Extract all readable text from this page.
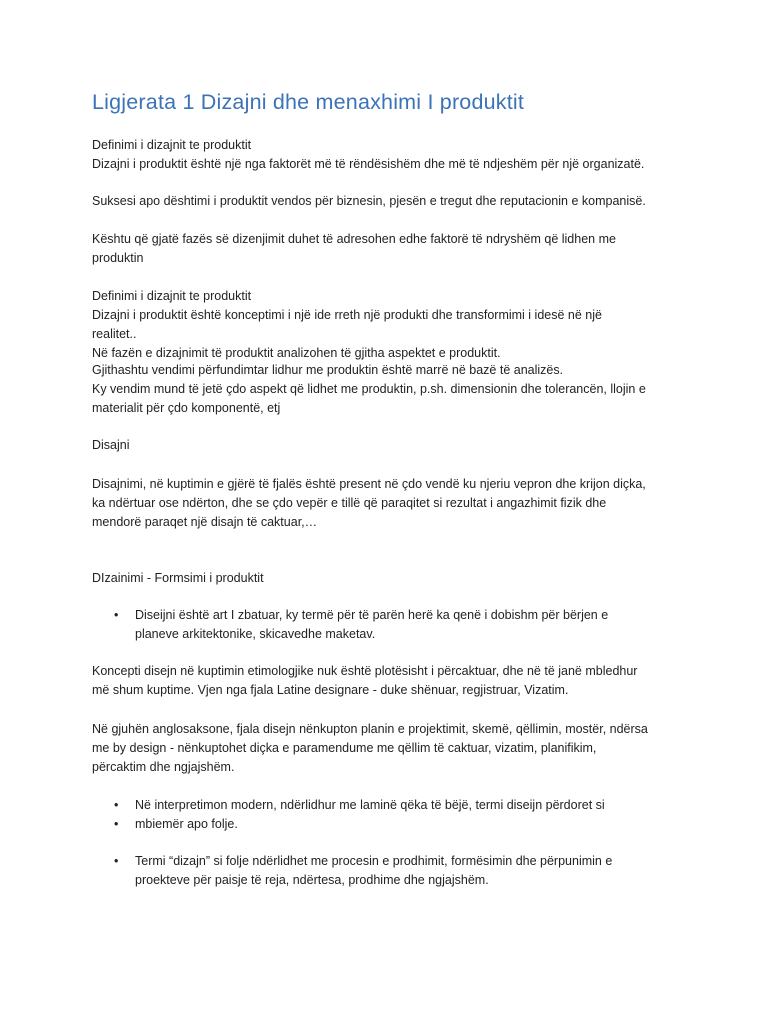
Ligjerata 1 Dizajni dhe menaxhimi I produktit
Definimi i dizajnit te produktit
Dizajni i produktit është një nga faktorët më të rëndësishëm dhe më të ndjeshëm për një organizatë.
Suksesi apo dështimi i produktit vendos për biznesin, pjesën e tregut dhe reputacionin e kompanisë.
Kështu që gjatë fazës së dizenjimit duhet të adresohen edhe faktorë të ndryshëm që lidhen me
produktin
Definimi i dizajnit te produktit
Dizajni i produktit është konceptimi i një ide rreth një produkti dhe transformimi i idesë në një
realitet..
Në fazën e dizajnimit të produktit analizohen të gjitha aspektet e produktit.
Gjithashtu vendimi përfundimtar lidhur me produktin është marrë në bazë të analizës.
Ky vendim mund të jetë çdo aspekt që lidhet me produktin, p.sh. dimensionin dhe tolerancën, llojin e
materialit për çdo komponentë, etj
Disajni
Disajnimi, në kuptimin e gjërë të fjalës është present në çdo vendë ku njeriu vepron dhe krijon diçka,
ka ndërtuar ose ndërton, dhe se çdo vepër e tillë që paraqitet si rezultat i angazhimit fizik dhe
mendorë paraqet një disajn të caktuar,…
DIzainimi - Formsimi i produktit
• Diseijni është art I zbatuar, ky termë për të parën herë ka qenë i dobishm për bërjen e
planeve arkitektonike, skicavedhe maketav.
Koncepti disejn në kuptimin etimologjike nuk është plotësisht i përcaktuar, dhe në të janë mbledhur
më shum kuptime. Vjen nga fjala Latine designare - duke shënuar, regjistruar, Vizatim.
Në gjuhën anglosaksone, fjala disejn nënkupton planin e projektimit, skemë, qëllimin, mostër, ndërsa
me by design - nënkuptohet diçka e paramendume me qëllim të caktuar, vizatim, planifikim,
përcaktim dhe ngjajshëm.
• Në interpretimon modern, ndërlidhur me laminë qëka të bëjë, termi diseijn përdoret si
• mbiemër apo folje.
• Termi “dizajn” si folje ndërlidhet me procesin e prodhimit, formësimin dhe përpunimin e
proekteve për paisje të reja, ndërtesa, prodhime dhe ngjajshëm.
